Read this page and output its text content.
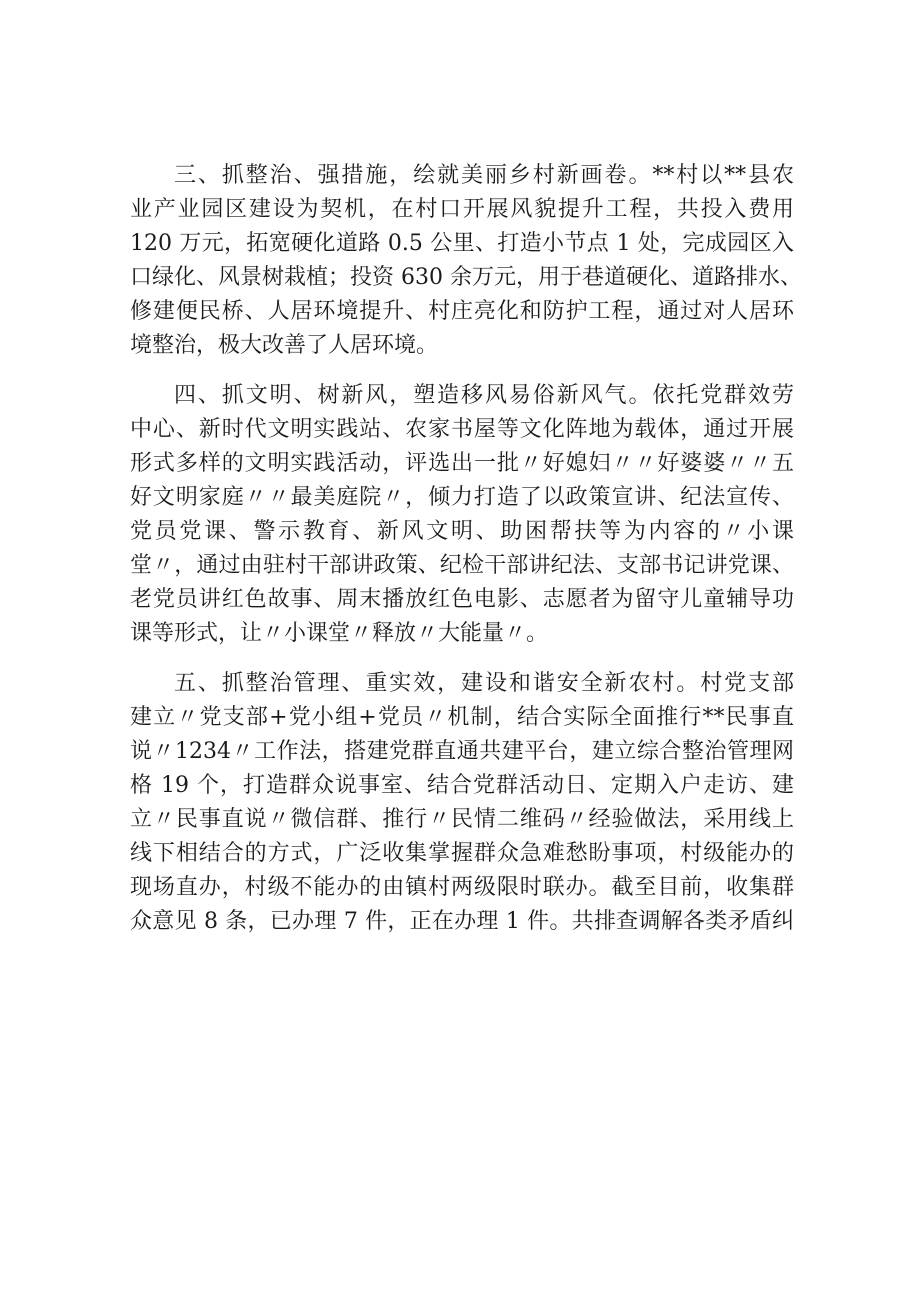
三、抓整治、强措施，绘就美丽乡村新画卷。**村以**县农
业产业园区建设为契机，在村口开展风貌提升工程，共投入费用
120 万元，拓宽硬化道路 0.5 公里、打造小节点 1 处，完成园区入
口绿化、风景树栽植；投资 630 余万元，用于巷道硬化、道路排水、
修建便民桥、人居环境提升、村庄亮化和防护工程，通过对人居环
境整治，极大改善了人居环境。
四、抓文明、树新风，塑造移风易俗新风气。依托党群效劳
中心、新时代文明实践站、农家书屋等文化阵地为载体，通过开展
形式多样的文明实践活动，评选出一批〃好媳妇〃〃好婆婆〃〃五
好文明家庭〃〃最美庭院〃，倾力打造了以政策宣讲、纪法宣传、
党员党课、警示教育、新风文明、助困帮扶等为内容的〃小课
堂〃，通过由驻村干部讲政策、纪检干部讲纪法、支部书记讲党课、
老党员讲红色故事、周末播放红色电影、志愿者为留守儿童辅导功
课等形式，让〃小课堂〃释放〃大能量〃。
五、抓整治管理、重实效，建设和谐安全新农村。村党支部
建立〃党支部+党小组+党员〃机制，结合实际全面推行**民事直
说〃1234〃工作法，搭建党群直通共建平台，建立综合整治管理网
格 19 个，打造群众说事室、结合党群活动日、定期入户走访、建
立〃民事直说〃微信群、推行〃民情二维码〃经验做法，采用线上
线下相结合的方式，广泛收集掌握群众急难愁盼事项，村级能办的
现场直办，村级不能办的由镇村两级限时联办。截至目前，收集群
众意见 8 条，已办理 7 件，正在办理 1 件。共排查调解各类矛盾纠
